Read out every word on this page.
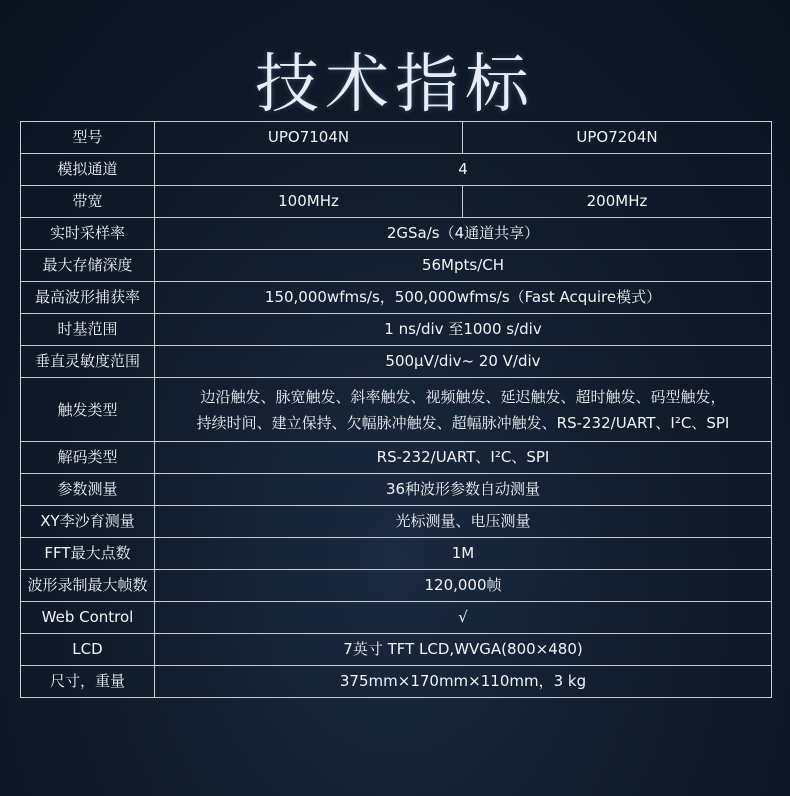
技术指标
型号	UPO7104N	UPO7204N
模拟通道	4	
带宽	100MHz	200MHz
实时采样率	2GSa/s（4通道共享）	
最大存储深度	56Mpts/CH	
最高波形捕获率	150,000wfms/s，500,000wfms/s（Fast Acquire模式）	
时基范围	1 ns/div 至1000 s/div	
垂直灵敏度范围	500µV/div~ 20 V/div	
触发类型	边沿触发、脉宽触发、斜率触发、视频触发、延迟触发、超时触发、码型触发，
持续时间、建立保持、欠幅脉冲触发、超幅脉冲触发、RS-232/UART、I²C、SPI	

解码类型	RS-232/UART、I²C、SPI	
参数测量	36种波形参数自动测量	
XY李沙育测量	光标测量、电压测量	
FFT最大点数	1M	
波形录制最大帧数	120,000帧	
Web Control	√	
LCD	7英寸 TFT LCD,WVGA(800×480)	
尺寸，重量	375mm×170mm×110mm，3 kg	
